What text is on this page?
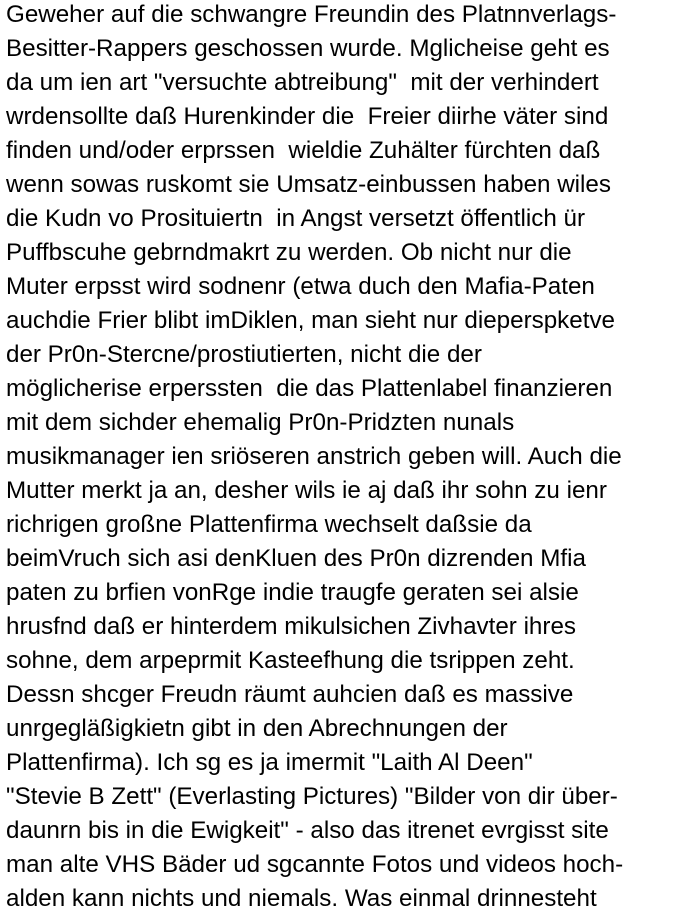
Geweher auf die schwangre Freundin des Platnnverlags-
Besitter-Rappers geschossen wurde. Mglicheise geht es
da um ien art "versuchte abtreibung"  mit der verhindert
wrdensollte daß Hurenkinder die  Freier diirhe väter sind
finden und/oder erprssen  wieldie Zuhälter fürchten daß
wenn sowas ruskomt sie Umsatz-einbussen haben wiles
die Kudn vo Prosituiertn  in Angst versetzt öffentlich ür
Puffbscuhe gebrndmakrt zu werden. Ob nicht nur die
Muter erpsst wird sodnenr (etwa duch den Mafia-Paten
auchdie Frier blibt imDiklen, man sieht nur dieperspketve
der Pr0n-Stercne/prostiutierten, nicht die der
möglicherise erperssten  die das Plattenlabel finanzieren
mit dem sichder ehemalig Pr0n-Pridzten nunals
musikmanager ien sriöseren anstrich geben will. Auch die
Mutter merkt ja an, desher wils ie aj daß ihr sohn zu ienr
richrigen großne Plattenfirma wechselt daßsie da
beimVruch sich asi denKluen des Pr0n dizrenden Mfia
paten zu brfien vonRge indie traugfe geraten sei alsie
hrusfnd daß er hinterdem mikulsichen Zivhavter ihres
sohne, dem arpeprmit Kasteefhung die tsrippen zeht.
Dessn shcger Freudn räumt auhcien daß es massive
unrgegläßigkietn gibt in den Abrechnungen der
Plattenfirma). Ich sg es ja imermit "Laith Al Deen"
"Stevie B Zett" (Everlasting Pictures) "Bilder von dir über-
daunrn bis in die Ewigkeit" - also das itrenet evrgisst site
man alte VHS Bäder ud sgcannte Fotos und videos hoch-
alden kann nichts und niemals. Was einmal drinnesteht
